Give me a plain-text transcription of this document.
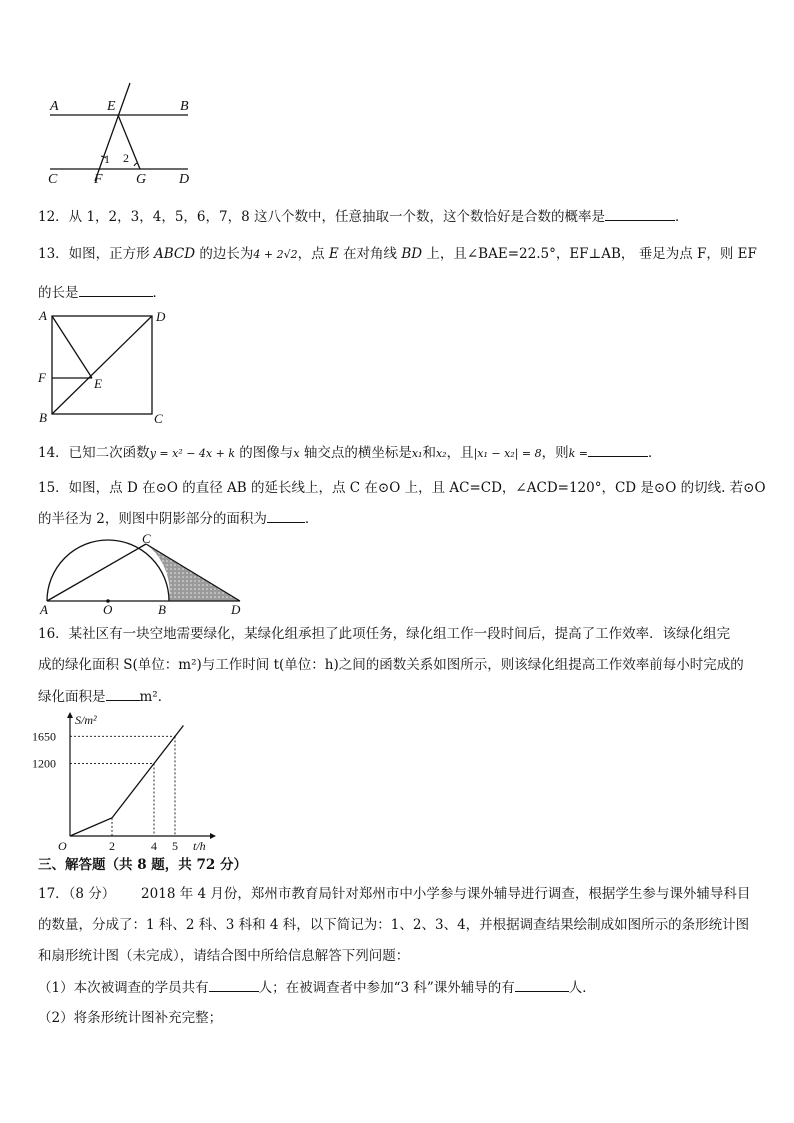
A	E	B
C	F G D
1 2
12．从 1，2，3，4，5，6，7，8 这八个数中，任意抽取一个数，这个数恰好是合数的概率是	．
13．如图，正方形 ABCD 的边长为4 + 2√2，点 E 在对角线 BD 上，且∠BAE=22.5°，EF⊥AB， 垂足为点 F，则 EF
的长是	．
A	D
F	E
B	C
14．已知二次函数y = x² − 4x + k 的图像与x 轴交点的横坐标是x₁和x₂，且|x₁ − x₂| = 8，则k =	．
15．如图，点 D 在⊙O 的直径 AB 的延长线上，点 C 在⊙O 上，且 AC=CD，∠ACD=120°，CD 是⊙O 的切线. 若⊙O
的半径为 2，则图中阴影部分的面积为	．
A	O	B
C
D
16．某社区有一块空地需要绿化，某绿化组承担了此项任务，绿化组工作一段时间后，提高了工作效率．该绿化组完
成的绿化面积 S(单位：m²)与工作时间 t(单位：h)之间的函数关系如图所示，则该绿化组提高工作效率前每小时完成的
绿化面积是	m²．
2	4 5
1650
1200
O
S/m²
t/h
三、解答题（共 8 题，共 72 分）
17．（8 分）      2018 年 4 月份，郑州市教育局针对郑州市中小学参与课外辅导进行调查，根据学生参与课外辅导科目
的数量，分成了：1 科、2 科、3 科和 4 科，以下简记为：1、2、3、4，并根据调查结果绘制成如图所示的条形统计图
和扇形统计图（未完成），请结合图中所给信息解答下列问题：
（1）本次被调查的学员共有	人；在被调查者中参加“3 科”课外辅导的有	人．
（2）将条形统计图补充完整；
